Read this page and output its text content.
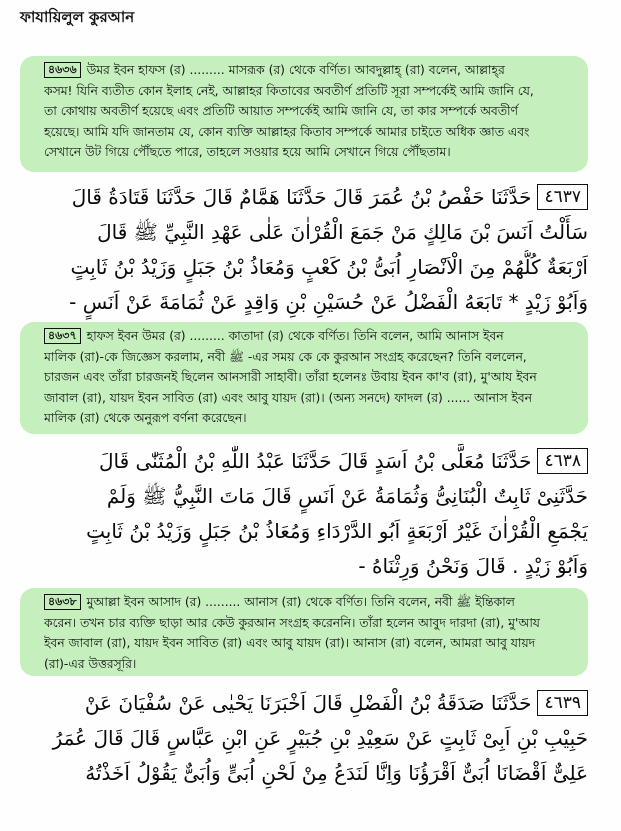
ফাযায়িলুল কুরআন
৪৬৩৬ উমর ইবন হাফস (র) ......... মাসরূক (র) থেকে বর্ণিত। আবদুল্লাহ্ (রা) বলেন, আল্লাহ্‌র
কসম! যিনি ব্যতীত কোন ইলাহ নেই, আল্লাহর কিতাবের অবতীর্ণ প্রতিটি সূরা সম্পর্কেই আমি জানি যে,
তা কোথায় অবতীর্ণ হয়েছে এবং প্রতিটি আয়াত সম্পর্কেই আমি জানি যে, তা কার সম্পর্কে অবতীর্ণ
হয়েছে। আমি যদি জানতাম যে, কোন ব্যক্তি আল্লাহর কিতাব সম্পর্কে আমার চাইতে অধিক জ্ঞাত এবং
সেখানে উট গিয়ে পৌঁছতে পারে, তাহলে সওয়ার হয়ে আমি সেখানে গিয়ে পৌঁছতাম।
٤٦٣٧حَدَّثَنَا حَفْصُ بْنُ عُمَرَ قَالَ حَدَّثَنَا هَمَّامٌ قَالَ حَدَّثَنَا قَتَادَةُ قَالَ
سَأَلْتُ اَنَسَ بْنَ مَالِكٍ مَنْ جَمَعَ الْقُرْاٰنَ عَلٰى عَهْدِ النَّبِيِّ ﷺ قَالَ
اَرْبَعَةٌ كُلُّهُمْ مِنَ الْاَنْصَارِ اُبَىُّ بْنُ كَعْبٍ وَمُعَاذُ بْنُ جَبَلٍ وَزَيْدُ بْنُ ثَابِتٍ
وَاَبُوْ زَيْدٍ * تَابَعَهُ الْفَضْلُ عَنْ حُسَيْنِ بْنِ وَاقِدٍ عَنْ ثُمَامَةَ عَنْ اَنَسٍ -
৪৬৩৭ হাফস ইবন উমর (র) ......... কাতাদা (র) থেকে বর্ণিত। তিনি বলেন, আমি আনাস ইবন
মালিক (রা)-কে জিজ্ঞেস করলাম, নবী ﷺ -এর সময় কে কে কুরআন সংগ্রহ করেছেন? তিনি বললেন,
চারজন এবং তাঁরা চারজনই ছিলেন আনসারী সাহাবী। তাঁরা হলেনঃ উবায় ইবন কা'ব (রা), মু'আয ইবন
জাবাল (রা), যায়দ ইবন সাবিত (রা) এবং আবু যায়দ (রা)। (অন্য সনদে) ফাদল (র) ...... আনাস ইবন
মালিক (রা) থেকে অনুরূপ বর্ণনা করেছেন।
٤٦٣٨حَدَّثَنَا مُعَلَّى بْنُ اَسَدٍ قَالَ حَدَّثَنَا عَبْدُ اللّٰهِ بْنُ الْمُثَنّٰى قَالَ
حَدَّثَنِىْ ثَابِتٌ الْبُنَانِىُّ وَثُمَامَةُ عَنْ اَنَسٍ قَالَ مَاتَ النَّبِيُّ ﷺ وَلَمْ
يَجْمَعِ الْقُرْاٰنَ غَيْرُ اَرْبَعَةٍ اَبُو الدَّرْدَاءِ وَمُعَاذُ بْنُ جَبَلٍ وَزَيْدُ بْنُ ثَابِتٍ
وَاَبُوْ زَيْدٍ . قَالَ وَنَحْنُ وَرِثْنَاهُ -
৪৬৩৮ মুআল্লা ইবন আসাদ (র) ......... আনাস (রা) থেকে বর্ণিত। তিনি বলেন, নবী ﷺ ইন্তিকাল
করেন। তখন চার ব্যক্তি ছাড়া আর কেউ কুরআন সংগ্রহ করেননি। তাঁরা হলেন আবুদ দারদা (রা), মু'আয
ইবন জাবাল (রা), যায়দ ইবন সাবিত (রা) এবং আবু যায়দ (রা)। আনাস (রা) বলেন, আমরা আবু যায়দ
(রা)-এর উত্তরসূরি।
٤٦٣٩حَدَّثَنَا صَدَقَةُ بْنُ الْفَضْلِ قَالَ اَخْبَرَنَا يَحْيٰى عَنْ سُفْيَانَ عَنْ
حَبِيْبِ بْنِ اَبِىْ ثَابِتٍ عَنْ سَعِيْدِ بْنِ جُبَيْرٍ عَنِ ابْنِ عَبَّاسٍ قَالَ قَالَ عُمَرُ
عَلِىٌّ اَقْضَانَا اُبَىٌّ اَقْرَؤُنَا وَاِنَّا لَنَدَعُ مِنْ لَحْنِ اُبَىٍّ وَاُبَىٌّ يَقُوْلُ اَخَذْتُهُ
